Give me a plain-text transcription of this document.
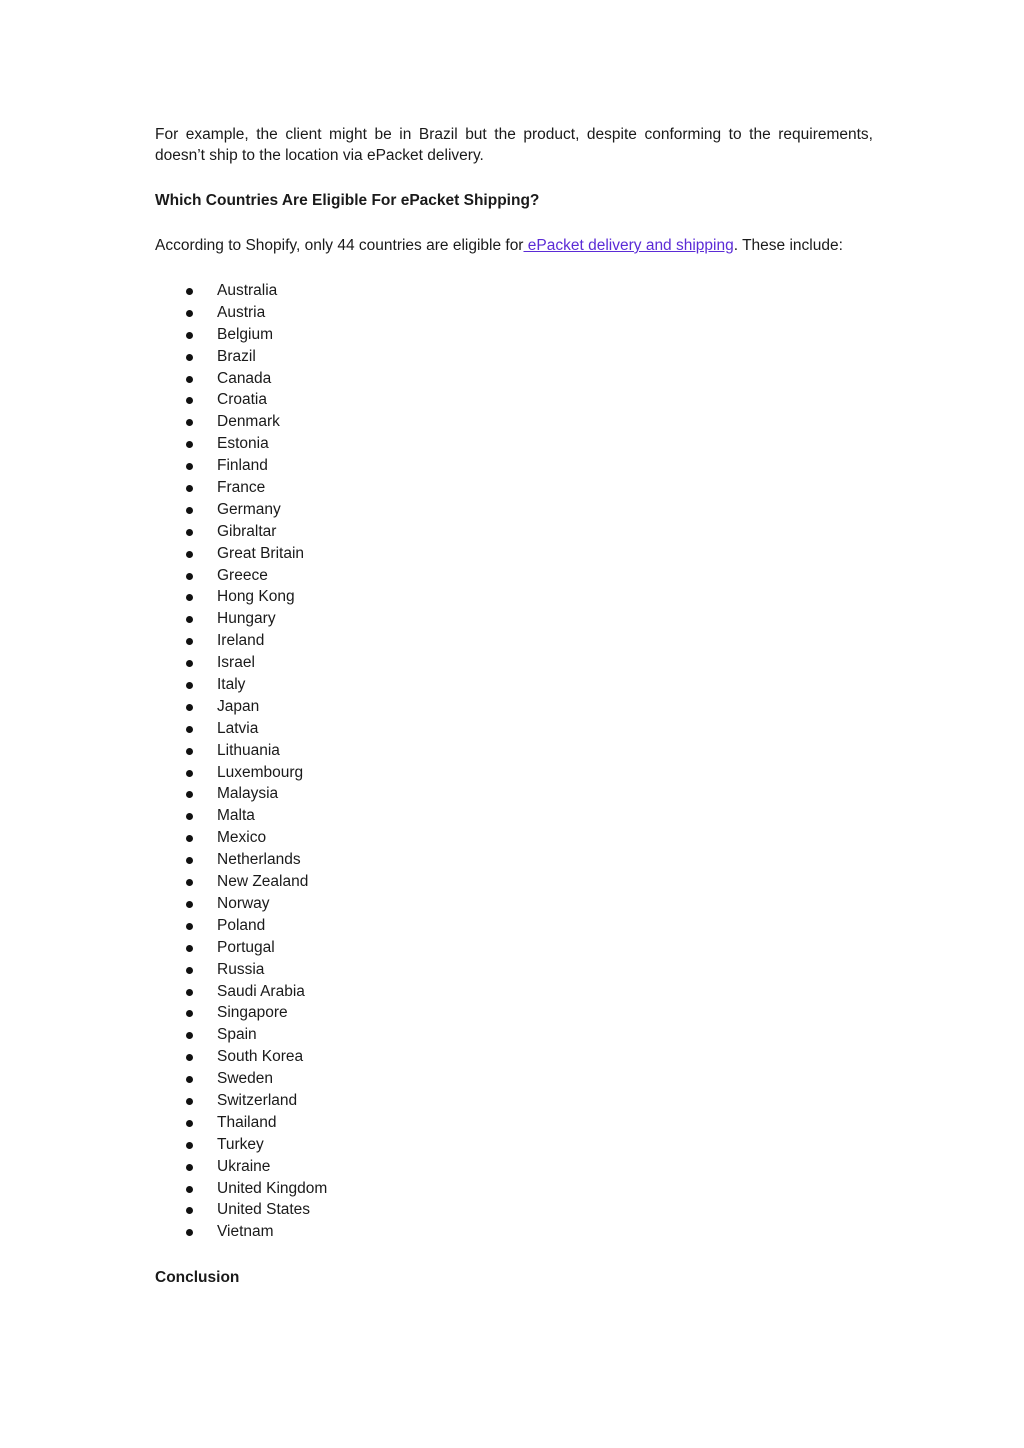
For example, the client might be in Brazil but the product, despite conforming to the requirements, doesn’t ship to the location via ePacket delivery.

Which Countries Are Eligible For ePacket Shipping?

According to Shopify, only 44 countries are eligible for ePacket delivery and shipping. These include:

Australia
Austria
Belgium
Brazil
Canada
Croatia
Denmark
Estonia
Finland
France
Germany
Gibraltar
Great Britain
Greece
Hong Kong
Hungary
Ireland
Israel
Italy
Japan
Latvia
Lithuania
Luxembourg
Malaysia
Malta
Mexico
Netherlands
New Zealand
Norway
Poland
Portugal
Russia
Saudi Arabia
Singapore
Spain
South Korea
Sweden
Switzerland
Thailand
Turkey
Ukraine
United Kingdom
United States
Vietnam

Conclusion
